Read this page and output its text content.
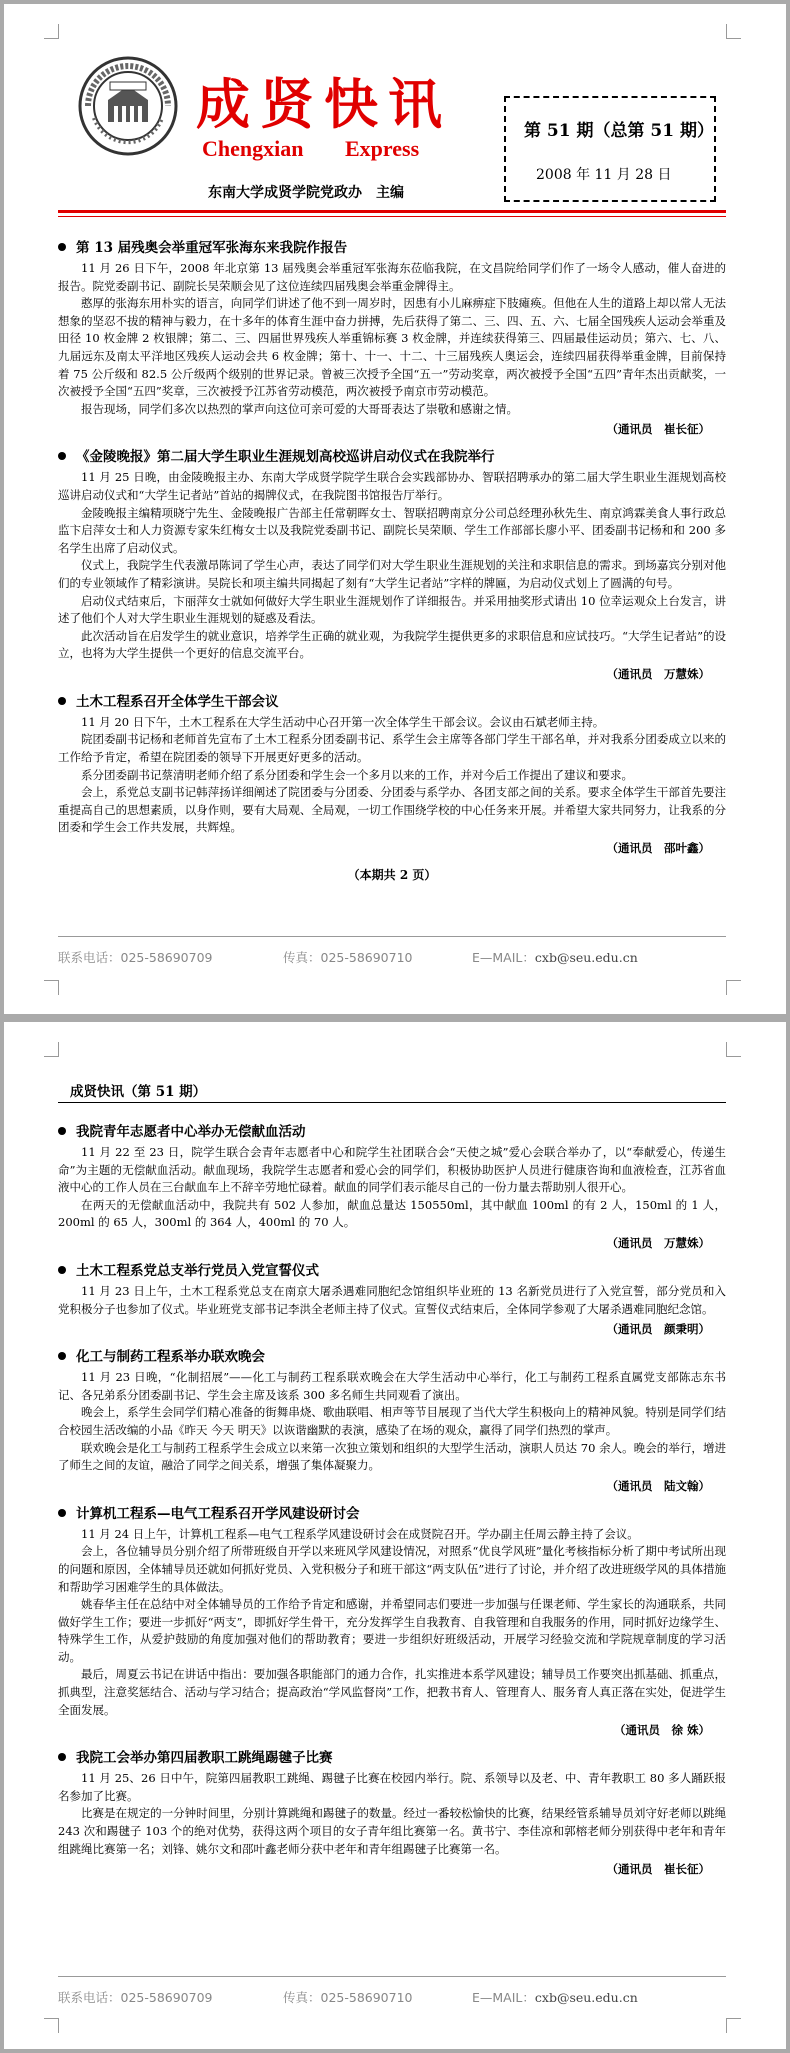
成贤快讯
Chengxian Express
第 51 期（总第 51 期）
2008 年 11 月 28 日
东南大学成贤学院党政办　主编
第 13 届残奥会举重冠军张海东来我院作报告

11 月 26 日下午，2008 年北京第 13 届残奥会举重冠军张海东莅临我院，在文昌院给同学们作了一场令人感动，催人奋进的报告。院党委副书记、副院长吴荣顺会见了这位连续四届残奥会举重金牌得主。

憨厚的张海东用朴实的语言，向同学们讲述了他不到一周岁时，因患有小儿麻痹症下肢瘫痪。但他在人生的道路上却以常人无法想象的坚忍不拔的精神与毅力，在十多年的体育生涯中奋力拼搏，先后获得了第二、三、四、五、六、七届全国残疾人运动会举重及田径 10 枚金牌 2 枚银牌；第二、三、四届世界残疾人举重锦标赛 3 枚金牌，并连续获得第三、四届最佳运动员；第六、七、八、九届远东及南太平洋地区残疾人运动会共 6 枚金牌；第十、十一、十二、十三届残疾人奥运会，连续四届获得举重金牌，目前保持着 75 公斤级和 82.5 公斤级两个级别的世界记录。曾被三次授予全国“五一”劳动奖章，两次被授予全国“五四”青年杰出贡献奖，一次被授予全国“五四”奖章，三次被授予江苏省劳动模范，两次被授予南京市劳动模范。

报告现场，同学们多次以热烈的掌声向这位可亲可爱的大哥哥表达了崇敬和感谢之情。

（通讯员　崔长征）
《金陵晚报》第二届大学生职业生涯规划高校巡讲启动仪式在我院举行

11 月 25 日晚，由金陵晚报主办、东南大学成贤学院学生联合会实践部协办、智联招聘承办的第二届大学生职业生涯规划高校巡讲启动仪式和“大学生记者站”首站的揭牌仪式，在我院图书馆报告厅举行。

金陵晚报主编精项晓宁先生、金陵晚报广告部主任常朝晖女士、智联招聘南京分公司总经理孙秋先生、南京鸿霖美食人事行政总监卞启萍女士和人力资源专家朱红梅女士以及我院党委副书记、副院长吴荣顺、学生工作部部长廖小平、团委副书记杨和和 200 多名学生出席了启动仪式。

仪式上，我院学生代表激昂陈词了学生心声，表达了同学们对大学生职业生涯规划的关注和求职信息的需求。到场嘉宾分别对他们的专业领域作了精彩演讲。吴院长和项主编共同揭起了刻有“大学生记者站”字样的牌匾，为启动仪式划上了圆满的句号。

启动仪式结束后，卞丽萍女士就如何做好大学生职业生涯规划作了详细报告。并采用抽奖形式请出 10 位幸运观众上台发言，讲述了他们个人对大学生职业生涯规划的疑惑及看法。

此次活动旨在启发学生的就业意识，培养学生正确的就业观，为我院学生提供更多的求职信息和应试技巧。“大学生记者站”的设立，也将为大学生提供一个更好的信息交流平台。

（通讯员　万慧姝）
土木工程系召开全体学生干部会议

11 月 20 日下午，土木工程系在大学生活动中心召开第一次全体学生干部会议。会议由石斌老师主持。

院团委副书记杨和老师首先宣布了土木工程系分团委副书记、系学生会主席等各部门学生干部名单，并对我系分团委成立以来的工作给予肯定，希望在院团委的领导下开展更好更多的活动。

系分团委副书记蔡清明老师介绍了系分团委和学生会一个多月以来的工作，并对今后工作提出了建议和要求。

会上，系党总支副书记韩萍扬详细阐述了院团委与分团委、分团委与系学办、各团支部之间的关系。要求全体学生干部首先要注重提高自己的思想素质，以身作则，要有大局观、全局观，一切工作围绕学校的中心任务来开展。并希望大家共同努力，让我系的分团委和学生会工作共发展，共辉煌。

（通讯员　邵叶鑫）
（本期共 2 页）
联系电话：025-58690709	传真：025-58690710	E—MAIL：cxb@seu.edu.cn
成贤快讯（第 51 期）
我院青年志愿者中心举办无偿献血活动

11 月 22 至 23 日，院学生联合会青年志愿者中心和院学生社团联合会“天使之城”爱心会联合举办了，以“奉献爱心，传递生命”为主题的无偿献血活动。献血现场，我院学生志愿者和爱心会的同学们，积极协助医护人员进行健康咨询和血液检查，江苏省血液中心的工作人员在三台献血车上不辞辛劳地忙碌着。献血的同学们表示能尽自己的一份力量去帮助别人很开心。

在两天的无偿献血活动中，我院共有 502 人参加，献血总量达 150550ml，其中献血 100ml 的有 2 人，150ml 的 1 人，200ml 的 65 人，300ml 的 364 人，400ml 的 70 人。

（通讯员　万慧姝）
土木工程系党总支举行党员入党宣誓仪式

11 月 23 日上午，土木工程系党总支在南京大屠杀遇难同胞纪念馆组织毕业班的 13 名新党员进行了入党宣誓，部分党员和入党积极分子也参加了仪式。毕业班党支部书记李洪全老师主持了仪式。宣誓仪式结束后，全体同学参观了大屠杀遇难同胞纪念馆。

（通讯员　颜秉明）
化工与制药工程系举办联欢晚会

11 月 23 日晚，“化制招展”——化工与制药工程系联欢晚会在大学生活动中心举行，化工与制药工程系直属党支部陈志东书记、各兄弟系分团委副书记、学生会主席及该系 300 多名师生共同观看了演出。

晚会上，系学生会同学们精心准备的街舞串烧、歌曲联唱、相声等节目展现了当代大学生积极向上的精神风貌。特别是同学们结合校园生活改编的小品《昨天 今天 明天》以诙谐幽默的表演，感染了在场的观众，赢得了同学们热烈的掌声。

联欢晚会是化工与制药工程系学生会成立以来第一次独立策划和组织的大型学生活动，演职人员达 70 余人。晚会的举行，增进了师生之间的友谊，融洽了同学之间关系，增强了集体凝聚力。

（通讯员　陆文翰）
计算机工程系—电气工程系召开学风建设研讨会

11 月 24 日上午，计算机工程系—电气工程系学风建设研讨会在成贤院召开。学办副主任周云静主持了会议。

会上，各位辅导员分别介绍了所带班级自开学以来班风学风建设情况，对照系“优良学风班”量化考核指标分析了期中考试所出现的问题和原因，全体辅导员还就如何抓好党员、入党积极分子和班干部这“两支队伍”进行了讨论，并介绍了改进班级学风的具体措施和帮助学习困难学生的具体做法。

姚春华主任在总结中对全体辅导员的工作给予肯定和感谢，并希望同志们要进一步加强与任课老师、学生家长的沟通联系，共同做好学生工作；要进一步抓好“两支”，即抓好学生骨干，充分发挥学生自我教育、自我管理和自我服务的作用，同时抓好边缘学生、特殊学生工作，从爱护鼓励的角度加强对他们的帮助教育；要进一步组织好班级活动，开展学习经验交流和学院规章制度的学习活动。

最后，周夏云书记在讲话中指出：要加强各职能部门的通力合作，扎实推进本系学风建设；辅导员工作要突出抓基础、抓重点，抓典型，注意奖惩结合、活动与学习结合；提高政治“学风监督岗”工作，把教书育人、管理育人、服务育人真正落在实处，促进学生全面发展。

（通讯员　徐 姝）
我院工会举办第四届教职工跳绳踢毽子比赛

11 月 25、26 日中午，院第四届教职工跳绳、踢毽子比赛在校园内举行。院、系领导以及老、中、青年教职工 80 多人踊跃报名参加了比赛。

比赛是在规定的一分钟时间里，分别计算跳绳和踢毽子的数量。经过一番较松愉快的比赛，结果经管系辅导员刘守好老师以跳绳 243 次和踢毽子 103 个的绝对优势，获得这两个项目的女子青年组比赛第一名。黄书宁、李佳凉和郭榕老师分别获得中老年和青年组跳绳比赛第一名；刘锋、姚尔文和邵叶鑫老师分获中老年和青年组踢毽子比赛第一名。

（通讯员　崔长征）
联系电话：025-58690709	传真：025-58690710	E—MAIL：cxb@seu.edu.cn
